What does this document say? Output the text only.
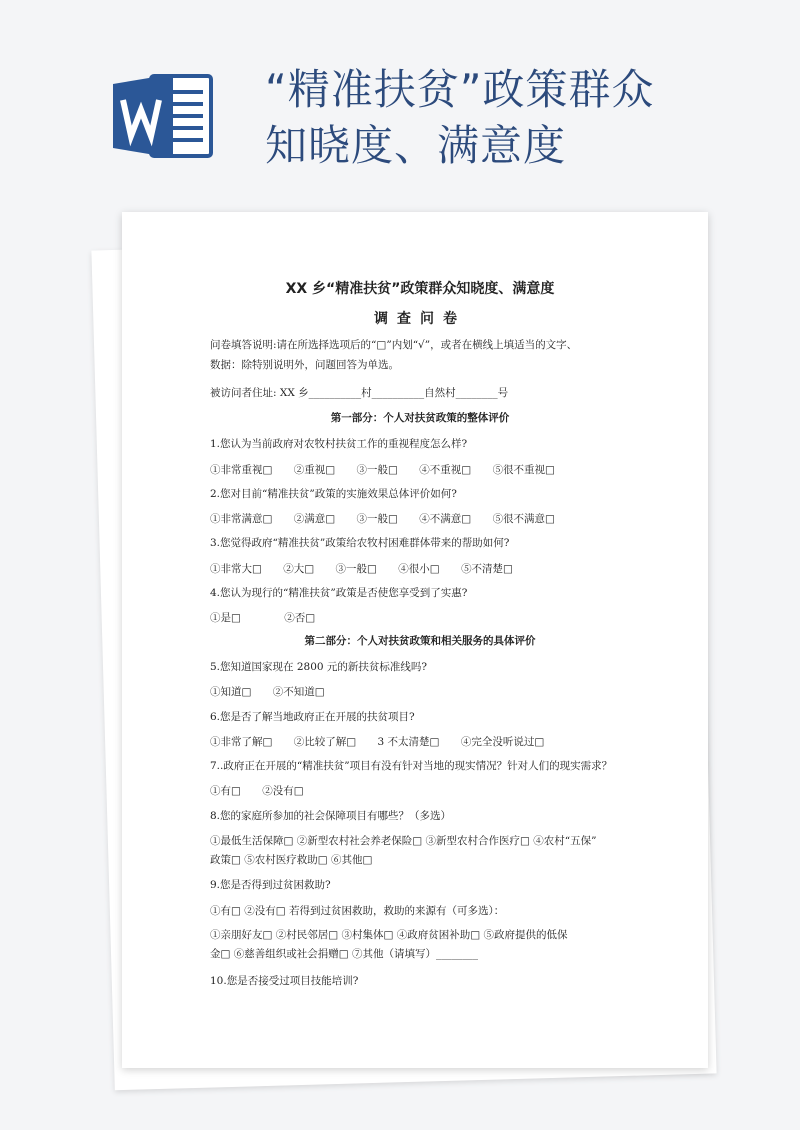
“精准扶贫”政策群众
知晓度、满意度
XX 乡“精准扶贫”政策群众知晓度、满意度
调查问卷
问卷填答说明:请在所选择选项后的“□”内划“√”，或者在横线上填适当的文字、
数据：除特别说明外，问题回答为单选。
被访问者住址: XX 乡__________村__________自然村________号
第一部分：个人对扶贫政策的整体评价
1.您认为当前政府对农牧村扶贫工作的重视程度怎么样?
①非常重视□ ②重视□ ③一般□ ④不重视□ ⑤很不重视□
2.您对目前“精准扶贫”政策的实施效果总体评价如何?
①非常满意□ ②满意□ ③一般□ ④不满意□ ⑤很不满意□
3.您觉得政府“精准扶贫”政策给农牧村困难群体带来的帮助如何?
①非常大□ ②大□ ③一般□ ④很小□ ⑤不清楚□
4.您认为现行的“精准扶贫”政策是否使您享受到了实惠?
①是□	②否□
第二部分：个人对扶贫政策和相关服务的具体评价
5.您知道国家现在 2800 元的新扶贫标准线吗?
①知道□ ②不知道□
6.您是否了解当地政府正在开展的扶贫项目?
①非常了解□ ②比较了解□ 3 不太清楚□ ④完全没听说过□
7..政府正在开展的“精准扶贫”项目有没有针对当地的现实情况？针对人们的现实需求？
①有□ ②没有□
8.您的家庭所参加的社会保障项目有哪些？（多选）
①最低生活保障□ ②新型农村社会养老保险□ ③新型农村合作医疗□ ④农村“五保”
政策□ ⑤农村医疗救助□ ⑥其他□
9.您是否得到过贫困救助?
①有□ ②没有□ 若得到过贫困救助，救助的来源有（可多选）：
①亲朋好友□ ②村民邻居□ ③村集体□ ④政府贫困补助□ ⑤政府提供的低保
金□ ⑥慈善组织或社会捐赠□ ⑦其他（请填写）________
10.您是否接受过项目技能培训?
